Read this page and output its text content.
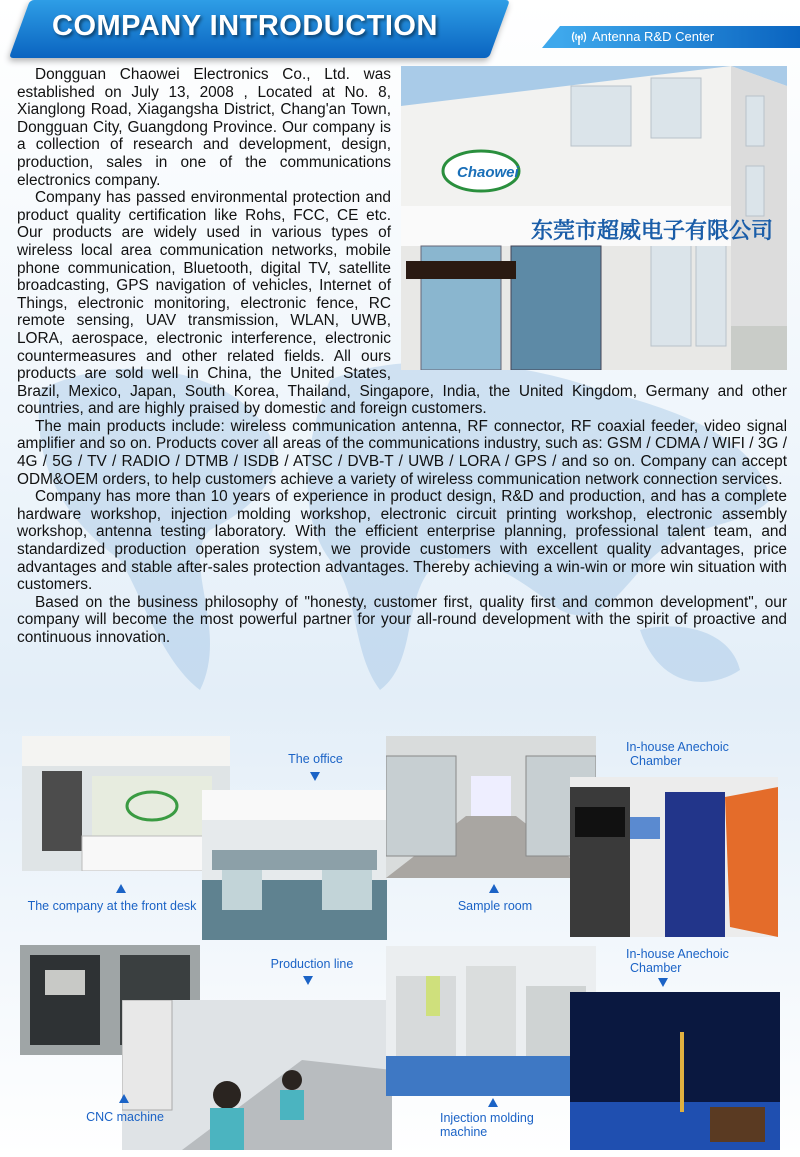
COMPANY INTRODUCTION	Antenna R&D Center
东莞市超威电子有限公司
Chaowei

Dongguan Chaowei Electronics Co., Ltd. was established on July 13, 2008 , Located at No. 8, Xianglong Road, Xiagangsha District, Chang'an Town, Dongguan City, Guangdong Province. Our company is a collection of research and development, design, production, sales in one of the communications electronics company.

Company has passed environmental protection and product quality certification like Rohs, FCC, CE etc. Our products are widely used in various types of wireless local area communication networks, mobile phone communication, Bluetooth, digital TV, satellite broadcasting, GPS navigation of vehicles, Internet of Things, electronic monitoring, electronic fence, RC remote sensing, UAV transmission, WLAN, UWB, LORA, aerospace, electronic interference, electronic countermeasures and other related fields. All ours products are sold well in China, the United States, Brazil, Mexico, Japan, South Korea, Thailand, Singapore, India, the United Kingdom, Germany and other countries, and are highly praised by domestic and foreign customers.

The main products include: wireless communication antenna, RF connector, RF coaxial feeder, video signal amplifier and so on. Products cover all areas of the communications industry, such as: GSM / CDMA / WIFI / 3G / 4G / 5G / TV / RADIO / DTMB / ISDB / ATSC / DVB-T / UWB / LORA / GPS / and so on. Company can accept ODM&OEM orders, to help customers achieve a variety of wireless communication network connection services.

Company has more than 10 years of experience in product design, R&D and production, and has a complete hardware workshop, injection molding workshop, electronic circuit printing workshop, electronic assembly workshop, antenna testing laboratory. With the efficient enterprise planning, professional talent team, and standardized production operation system, we provide customers with excellent quality advantages, price advantages and stable after-sales protection advantages. Thereby achieving a win-win or more win situation with customers.

Based on the business philosophy of "honesty, customer first, quality first and common development", our company will become the most powerful partner for your all-round development with the spirit of proactive and continuous innovation.

The company at the front desk
The office
Sample room
In-house Anechoic
Chamber
CNC machine
Production line
Injection molding
machine
In-house Anechoic
Chamber
